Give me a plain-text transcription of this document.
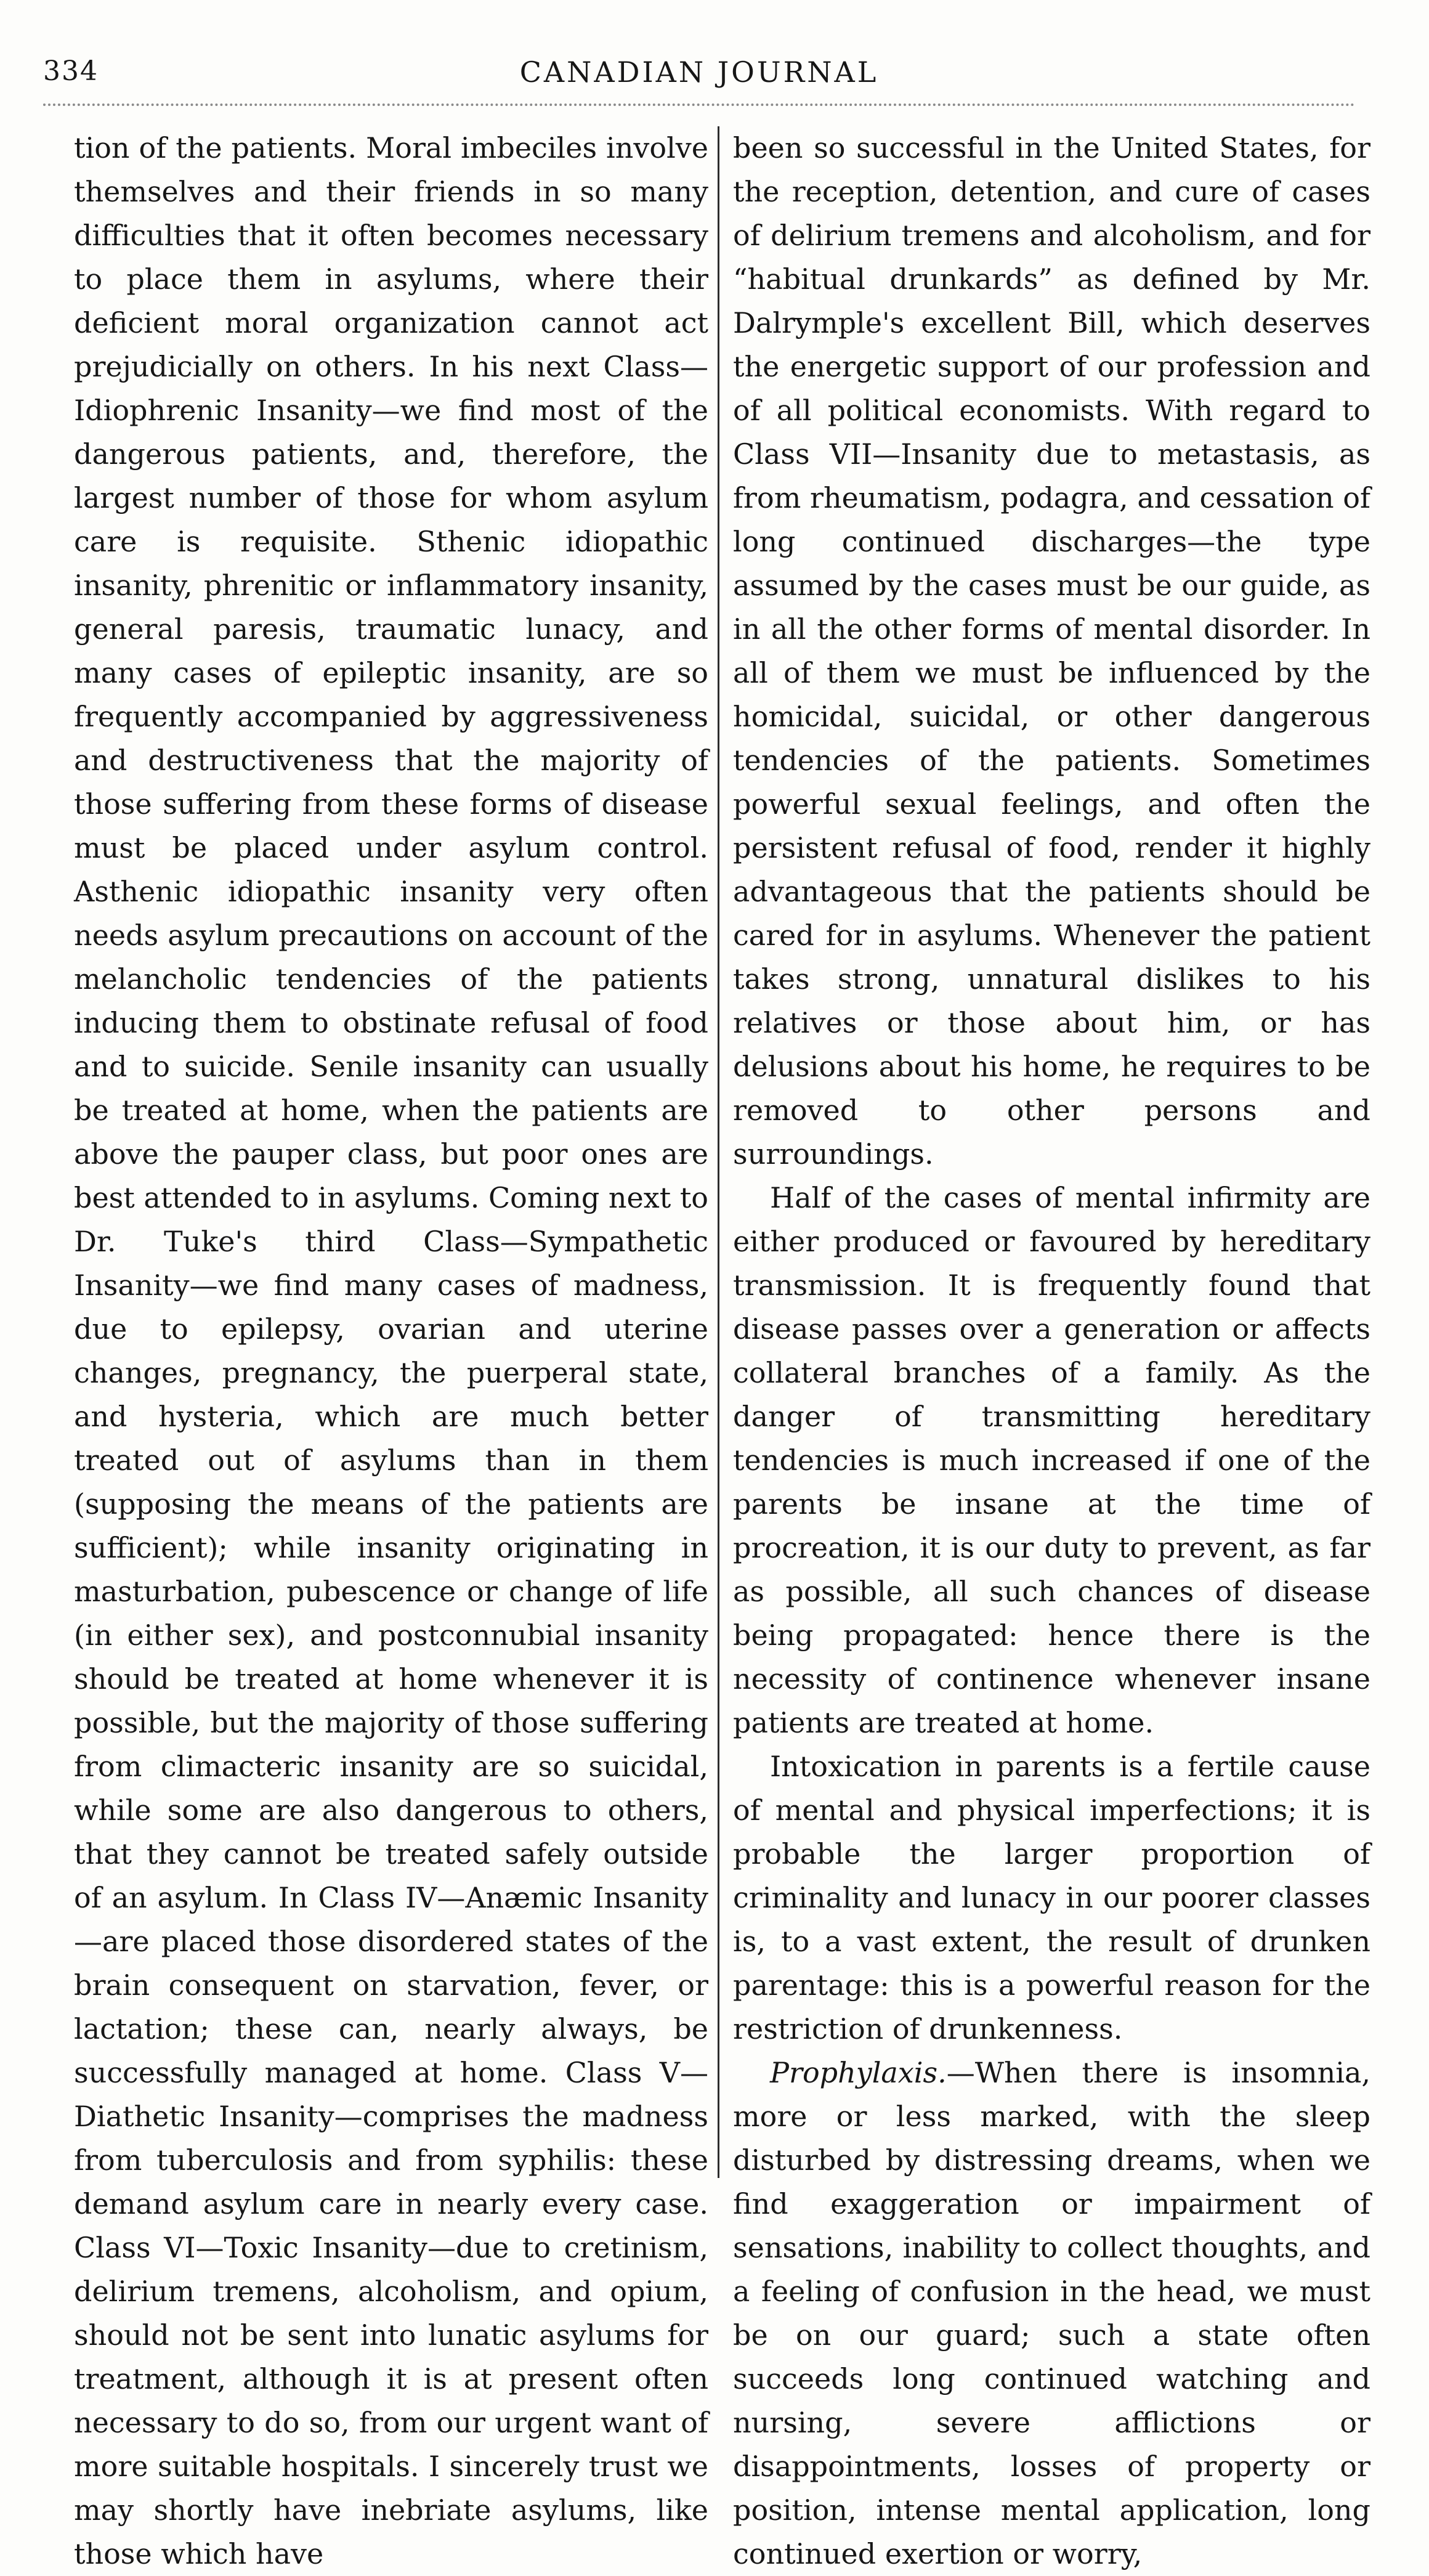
334	CANADIAN JOURNAL

tion of the patients. Moral imbeciles involve themselves and their friends in so many difficulties that it often becomes necessary to place them in asylums, where their deficient moral organization cannot act prejudicially on others. In his next Class—Idiophrenic Insanity—we find most of the dangerous patients, and, therefore, the largest number of those for whom asylum care is requisite. Sthenic idiopathic insanity, phrenitic or inflammatory insanity, general paresis, traumatic lunacy, and many cases of epileptic insanity, are so frequently accompanied by aggressiveness and destructiveness that the majority of those suffering from these forms of disease must be placed under asylum control. Asthenic idiopathic insanity very often needs asylum precautions on account of the melancholic tendencies of the patients inducing them to obstinate refusal of food and to suicide. Senile insanity can usually be treated at home, when the patients are above the pauper class, but poor ones are best attended to in asylums. Coming next to Dr. Tuke's third Class—Sympathetic Insanity—we find many cases of madness, due to epilepsy, ovarian and uterine changes, pregnancy, the puerperal state, and hysteria, which are much better treated out of asylums than in them (supposing the means of the patients are sufficient); while insanity originating in masturbation, pubescence or change of life (in either sex), and postconnubial insanity should be treated at home whenever it is possible, but the majority of those suffering from climacteric insanity are so suicidal, while some are also dangerous to others, that they cannot be treated safely outside of an asylum. In Class IV—Anæmic Insanity—are placed those disordered states of the brain consequent on starvation, fever, or lactation; these can, nearly always, be successfully managed at home. Class V—Diathetic Insanity—comprises the madness from tuberculosis and from syphilis: these demand asylum care in nearly every case. Class VI—Toxic Insanity—due to cretinism, delirium tremens, alcoholism, and opium, should not be sent into lunatic asylums for treatment, although it is at present often necessary to do so, from our urgent want of more suitable hospitals. I sincerely trust we may shortly have inebriate asylums, like those which have

been so successful in the United States, for the reception, detention, and cure of cases of delirium tremens and alcoholism, and for “habitual drunkards” as defined by Mr. Dalrymple's excellent Bill, which deserves the energetic support of our profession and of all political economists. With regard to Class VII—Insanity due to metastasis, as from rheumatism, podagra, and cessation of long continued discharges—the type assumed by the cases must be our guide, as in all the other forms of mental disorder. In all of them we must be influenced by the homicidal, suicidal, or other dangerous tendencies of the patients. Sometimes powerful sexual feelings, and often the persistent refusal of food, render it highly advantageous that the patients should be cared for in asylums. Whenever the patient takes strong, unnatural dislikes to his relatives or those about him, or has delusions about his home, he requires to be removed to other persons and surroundings.

Half of the cases of mental infirmity are either produced or favoured by hereditary transmission. It is frequently found that disease passes over a generation or affects collateral branches of a family. As the danger of transmitting hereditary tendencies is much increased if one of the parents be insane at the time of procreation, it is our duty to prevent, as far as possible, all such chances of disease being propagated: hence there is the necessity of continence whenever insane patients are treated at home.

Intoxication in parents is a fertile cause of mental and physical imperfections; it is probable the larger proportion of criminality and lunacy in our poorer classes is, to a vast extent, the result of drunken parentage: this is a powerful reason for the restriction of drunkenness.

Prophylaxis.—When there is insomnia, more or less marked, with the sleep disturbed by distressing dreams, when we find exaggeration or impairment of sensations, inability to collect thoughts, and a feeling of confusion in the head, we must be on our guard; such a state often succeeds long continued watching and nursing, severe afflictions or disappointments, losses of property or position, intense mental application, long continued exertion or worry,
